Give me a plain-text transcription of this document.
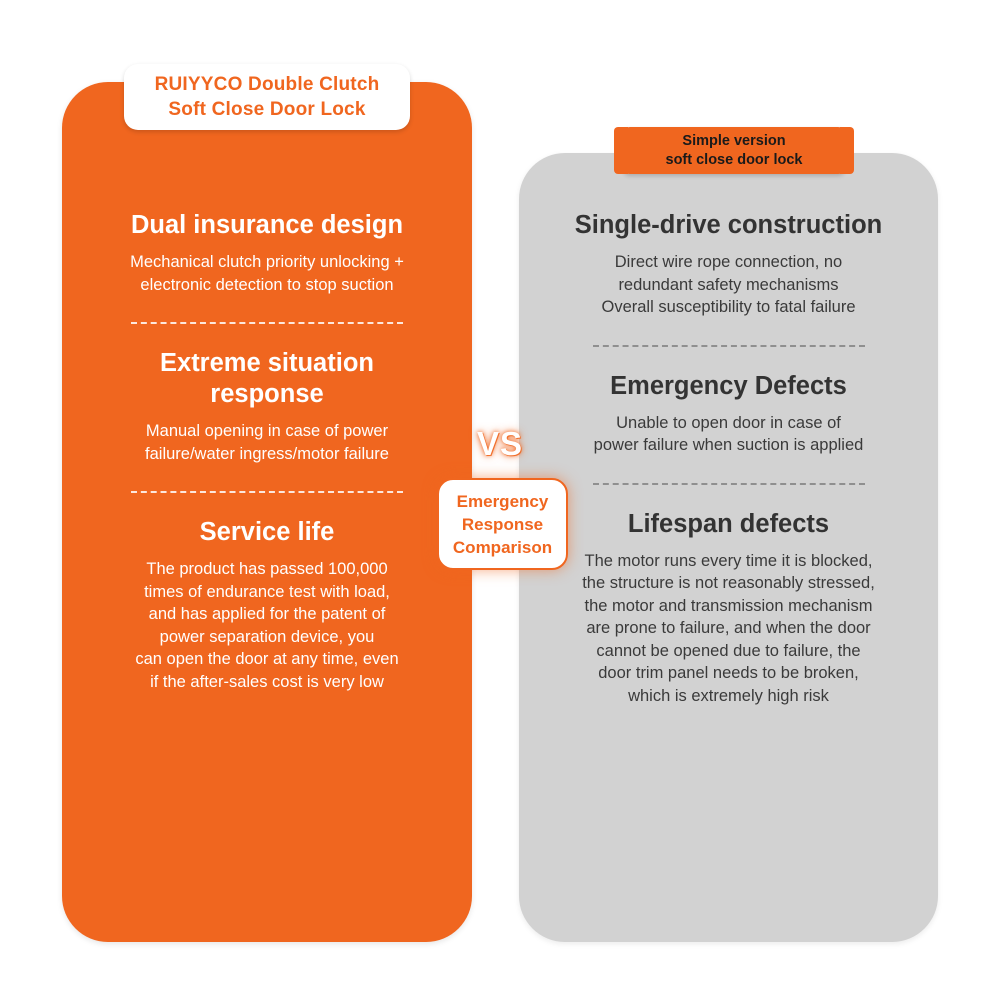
RUIYYCO Double Clutch
Soft Close Door Lock
Simple version
soft close door lock
Dual insurance design

Mechanical clutch priority unlocking +
electronic detection to stop suction

Extreme situation
response

Manual opening in case of power
failure/water ingress/motor failure

Service life

The product has passed 100,000
times of endurance test with load,
and has applied for the patent of
power separation device, you
can open the door at any time, even
if the after-sales cost is very low

Single-drive construction

Direct wire rope connection, no
redundant safety mechanisms
Overall susceptibility to fatal failure

Emergency Defects

Unable to open door in case of
power failure when suction is applied

Lifespan defects

The motor runs every time it is blocked,
the structure is not reasonably stressed,
the motor and transmission mechanism
are prone to failure, and when the door
cannot be opened due to failure, the
door trim panel needs to be broken,
which is extremely high risk

VS
Emergency
Response
Comparison
